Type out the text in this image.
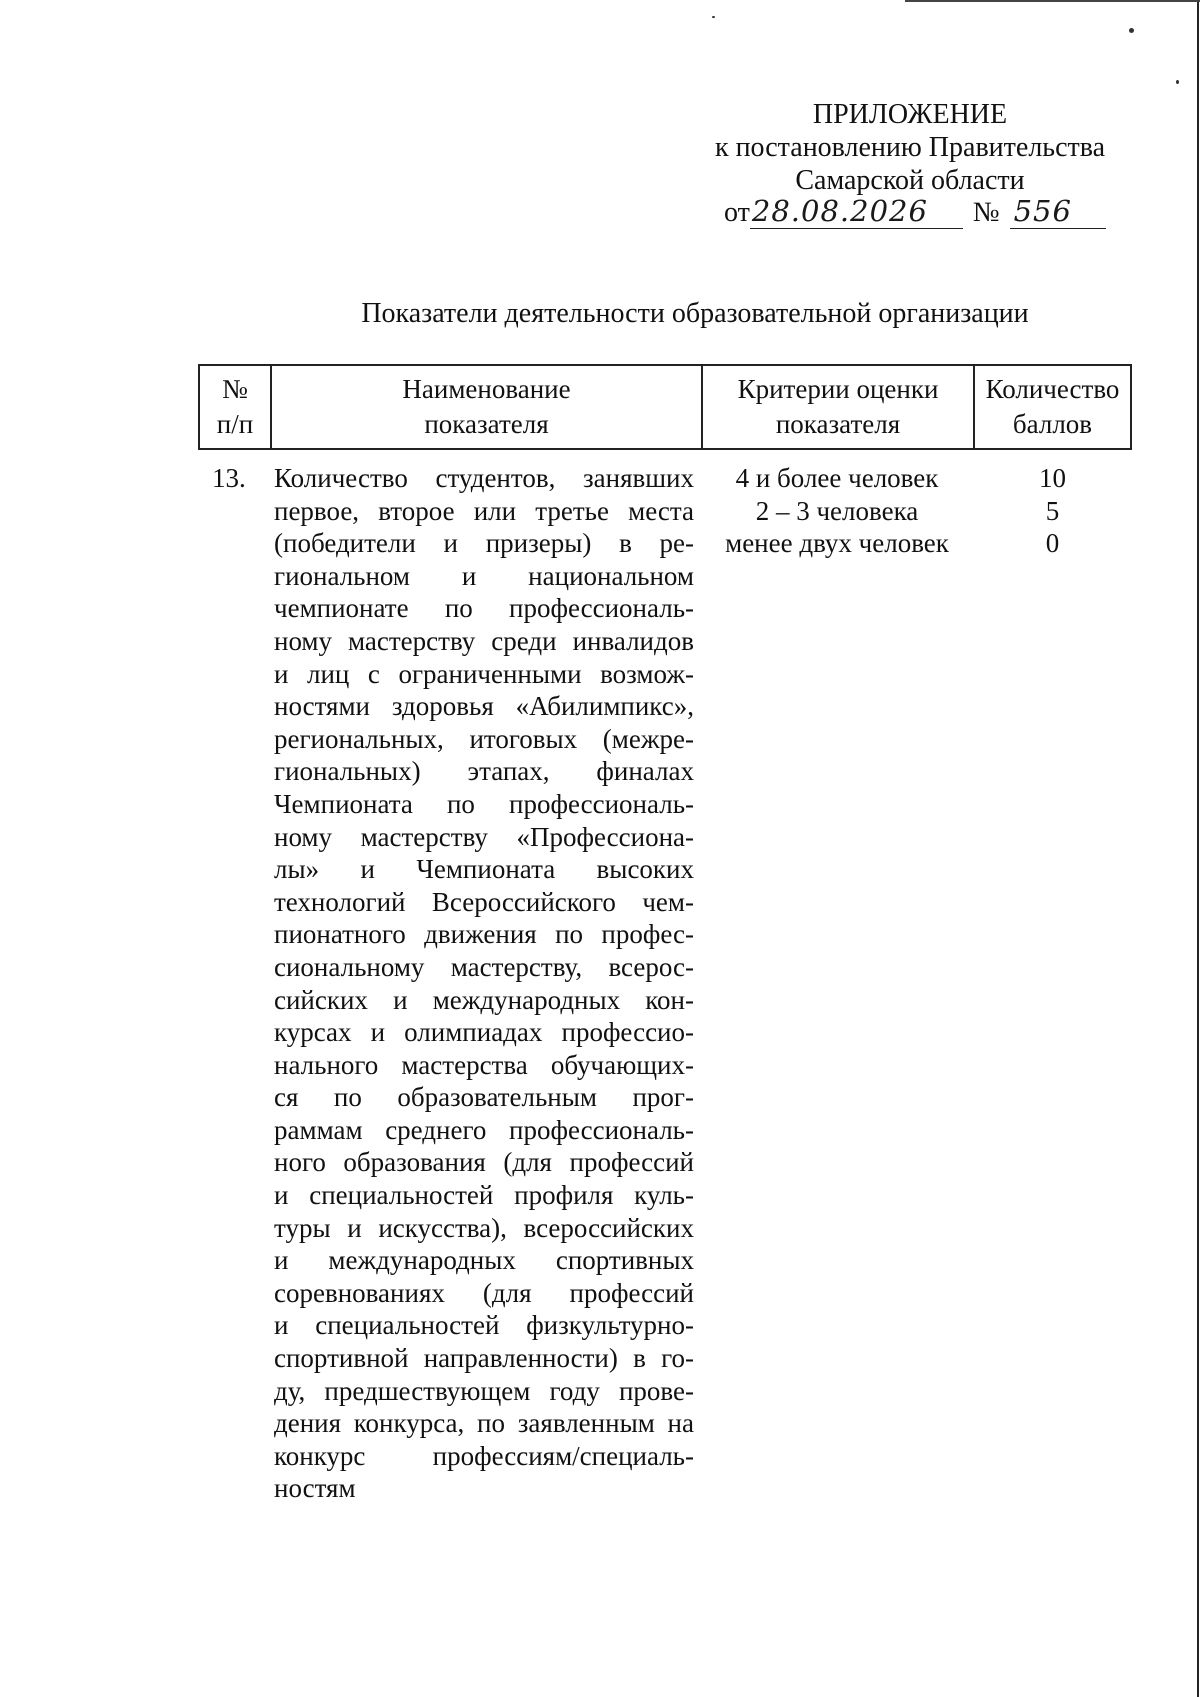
ПРИЛОЖЕНИЕ
к постановлению Правительства
Самарской области
от28.08.2026 № 556
Показатели деятельности образовательной организации
№
п/п
Наименование
показателя
Критерии оценки
показателя
Количество
баллов
13. Количество студентов, занявших
первое, второе или третье места
(победители и призеры) в ре-
гиональном и национальном
чемпионате по профессиональ-
ному мастерству среди инвалидов
и лиц с ограниченными возмож-
ностями здоровья «Абилимпикс»,
региональных, итоговых (межре-
гиональных) этапах, финалах
Чемпионата по профессиональ-
ному мастерству «Профессиона-
лы» и Чемпионата высоких
технологий Всероссийского чем-
пионатного движения по профес-
сиональному мастерству, всерос-
сийских и международных кон-
курсах и олимпиадах профессио-
нального мастерства обучающих-
ся по образовательным прог-
раммам среднего профессиональ-
ного образования (для профессий
и специальностей профиля куль-
туры и искусства), всероссийских
и международных спортивных
соревнованиях (для профессий
и специальностей физкультурно-
спортивной направленности) в го-
ду, предшествующем году прове-
дения конкурса, по заявленным на
конкурс профессиям/специаль-
ностям
4 и более человек
2 – 3 человека
менее двух человек
10
5
0
